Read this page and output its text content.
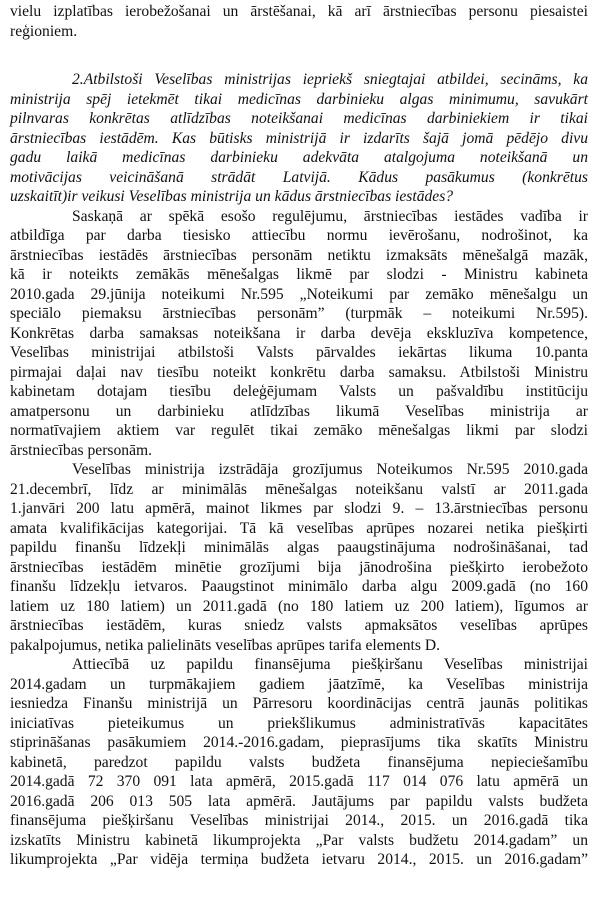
vielu izplatības ierobežošanai un ārstēšanai, kā arī ārstniecības personu piesaistei
reģioniem.
2.Atbilstoši Veselības ministrijas iepriekš sniegtajai atbildei, secināms, ka
ministrija spēj ietekmēt tikai medicīnas darbinieku algas minimumu, savukārt
pilnvaras konkrētas atlīdzības noteikšanai medicīnas darbiniekiem ir tikai
ārstniecības iestādēm. Kas būtisks ministrijā ir izdarīts šajā jomā pēdējo divu
gadu laikā medicīnas darbinieku adekvāta atalgojuma noteikšanā un
motivācijas veicināšanā strādāt Latvijā. Kādus pasākumus (konkrētus
uzskaitīt)ir veikusi Veselības ministrija un kādus ārstniecības iestādes?
Saskaņā ar spēkā esošo regulējumu, ārstniecības iestādes vadība ir
atbildīga par darba tiesisko attiecību normu ievērošanu, nodrošinot, ka
ārstniecības iestādēs ārstniecības personām netiktu izmaksāts mēnešalgā mazāk,
kā ir noteikts zemākās mēnešalgas likmē par slodzi - Ministru kabineta
2010.gada 29.jūnija noteikumi Nr.595 „Noteikumi par zemāko mēnešalgu un
speciālo piemaksu ārstniecības personām” (turpmāk – noteikumi Nr.595).
Konkrētas darba samaksas noteikšana ir darba devēja ekskluzīva kompetence,
Veselības ministrijai atbilstoši Valsts pārvaldes iekārtas likuma 10.panta
pirmajai daļai nav tiesību noteikt konkrētu darba samaksu. Atbilstoši Ministru
kabinetam dotajam tiesību deleģējumam Valsts un pašvaldību institūciju
amatpersonu un darbinieku atlīdzības likumā Veselības ministrija ar
normatīvajiem aktiem var regulēt tikai zemāko mēnešalgas likmi par slodzi
ārstniecības personām.
Veselības ministrija izstrādāja grozījumus Noteikumos Nr.595 2010.gada
21.decembrī, līdz ar minimālās mēnešalgas noteikšanu valstī ar 2011.gada
1.janvāri 200 latu apmērā, mainot likmes par slodzi 9. – 13.ārstniecības personu
amata kvalifikācijas kategorijai. Tā kā veselības aprūpes nozarei netika piešķirti
papildu finanšu līdzekļi minimālās algas paaugstinājuma nodrošināšanai, tad
ārstniecības iestādēm minētie grozījumi bija jānodrošina piešķirto ierobežoto
finanšu līdzekļu ietvaros. Paaugstinot minimālo darba algu 2009.gadā (no 160
latiem uz 180 latiem) un 2011.gadā (no 180 latiem uz 200 latiem), līgumos ar
ārstniecības iestādēm, kuras sniedz valsts apmaksātos veselības aprūpes
pakalpojumus, netika palielināts veselības aprūpes tarifa elements D.
Attiecībā uz papildu finansējuma piešķiršanu Veselības ministrijai
2014.gadam un turpmākajiem gadiem jāatzīmē, ka Veselības ministrija
iesniedza Finanšu ministrijā un Pārresoru koordinācijas centrā jaunās politikas
iniciatīvas pieteikumus un priekšlikumus administratīvās kapacitātes
stiprināšanas pasākumiem 2014.-2016.gadam, pieprasījums tika skatīts Ministru
kabinetā, paredzot papildu valsts budžeta finansējuma nepieciešamību
2014.gadā 72 370 091 lata apmērā, 2015.gadā 117 014 076 latu apmērā un
2016.gadā 206 013 505 lata apmērā. Jautājums par papildu valsts budžeta
finansējuma piešķiršanu Veselības ministrijai 2014., 2015. un 2016.gadā tika
izskatīts Ministru kabinetā likumprojekta „Par valsts budžetu 2014.gadam” un
likumprojekta „Par vidēja termiņa budžeta ietvaru 2014., 2015. un 2016.gadam”
